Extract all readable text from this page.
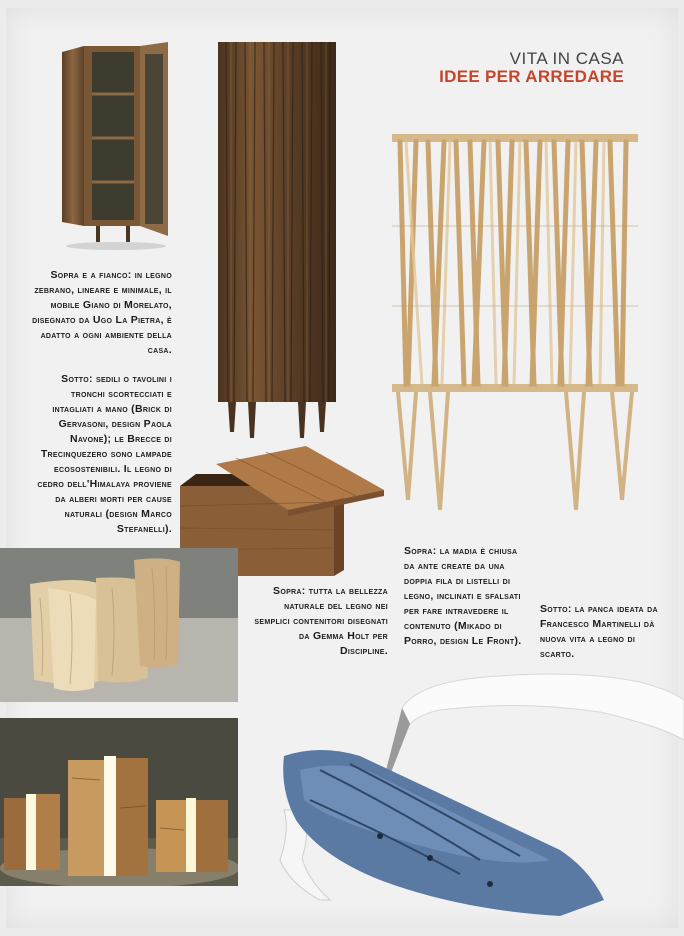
VITA IN CASA
IDEE PER ARREDARE
Sopra e a fianco: in legno zebrano, lineare e minimale, il mobile Giano di Morelato, disegnato da Ugo La Pietra, è adatto a ogni ambiente della casa.
Sotto: sedili o tavolini i tronchi scortecciati e intagliati a mano (Brick di Gervasoni, design Paola Navone); le Brecce di Trecinquezero sono lampade ecosostenibili. Il legno di cedro dell'Himalaya proviene da alberi morti per cause naturali (design Marco Stefanelli).
Sopra: tutta la bellezza naturale del legno nei semplici contenitori disegnati da Gemma Holt per Discipline.
Sopra: la madia è chiusa da ante create da una doppia fila di listelli di legno, inclinati e sfalsati per fare intravedere il contenuto (Mikado di Porro, design Le Front).
Sotto: la panca ideata da Francesco Martinelli dà nuova vita a legno di scarto.
